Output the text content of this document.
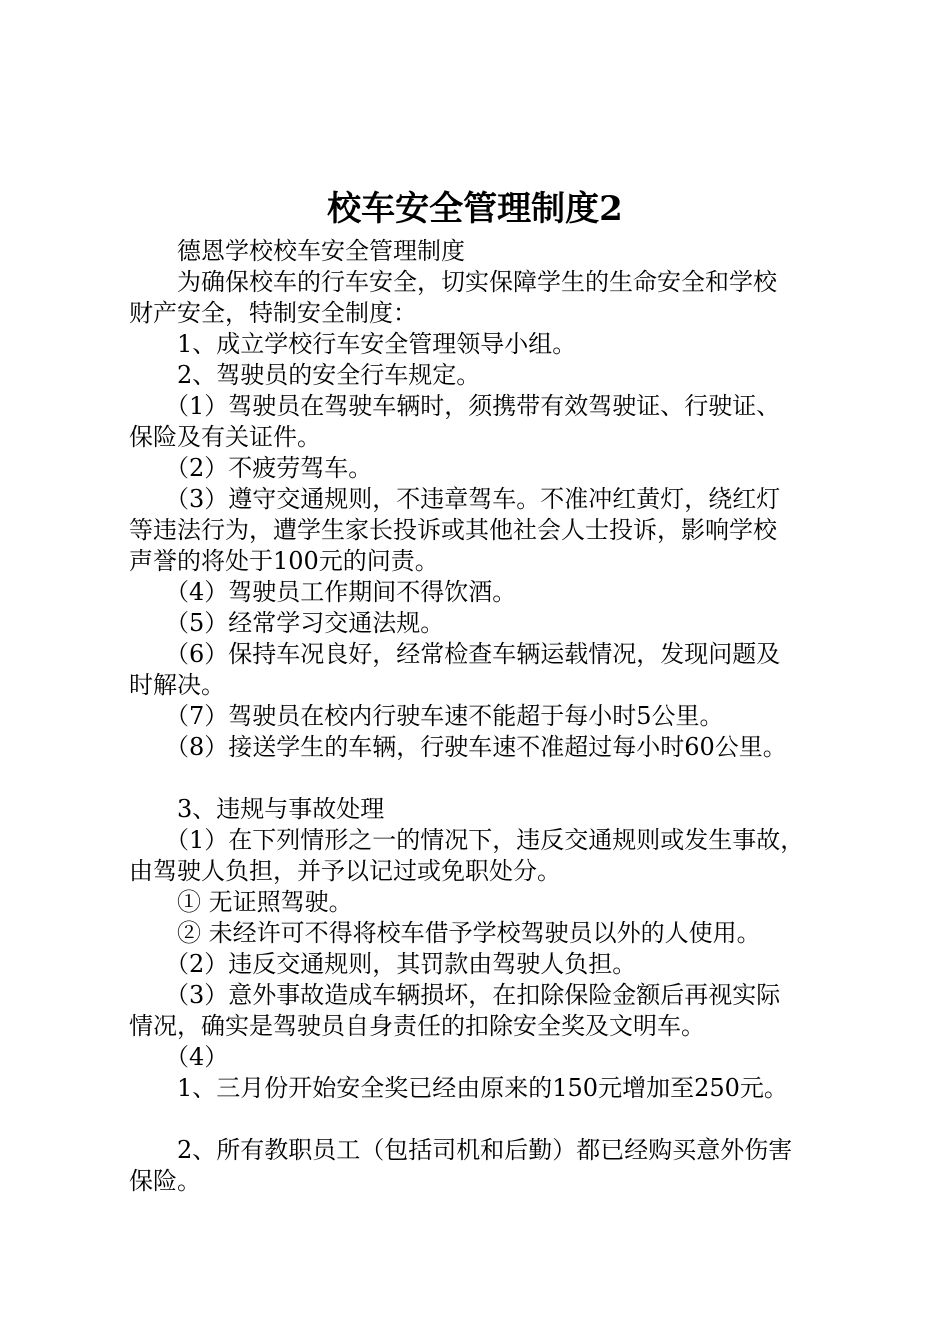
校车安全管理制度2

　　德恩学校校车安全管理制度

　　为确保校车的行车安全，切实保障学生的生命安全和学校

财产安全，特制安全制度：

　　1、成立学校行车安全管理领导小组。

　　2、驾驶员的安全行车规定。

　　（1）驾驶员在驾驶车辆时，须携带有效驾驶证、行驶证、

保险及有关证件。

　　（2）不疲劳驾车。

　　（3）遵守交通规则，不违章驾车。不准冲红黄灯，绕红灯

等违法行为，遭学生家长投诉或其他社会人士投诉，影响学校

声誉的将处于100元的问责。

　　（4）驾驶员工作期间不得饮酒。

　　（5）经常学习交通法规。

　　（6）保持车况良好，经常检查车辆运载情况，发现问题及

时解决。

　　（7）驾驶员在校内行驶车速不能超于每小时5公里。

　　（8）接送学生的车辆，行驶车速不准超过每小时60公里。

　　3、违规与事故处理

　　（1）在下列情形之一的情况下，违反交通规则或发生事故，

由驾驶人负担，并予以记过或免职处分。

　　① 无证照驾驶。

　　② 未经许可不得将校车借予学校驾驶员以外的人使用。

　　（2）违反交通规则，其罚款由驾驶人负担。

　　（3）意外事故造成车辆损坏，在扣除保险金额后再视实际

情况，确实是驾驶员自身责任的扣除安全奖及文明车。

　　（4）

　　1、三月份开始安全奖已经由原来的150元增加至250元。

　　2、所有教职员工（包括司机和后勤）都已经购买意外伤害

保险。
